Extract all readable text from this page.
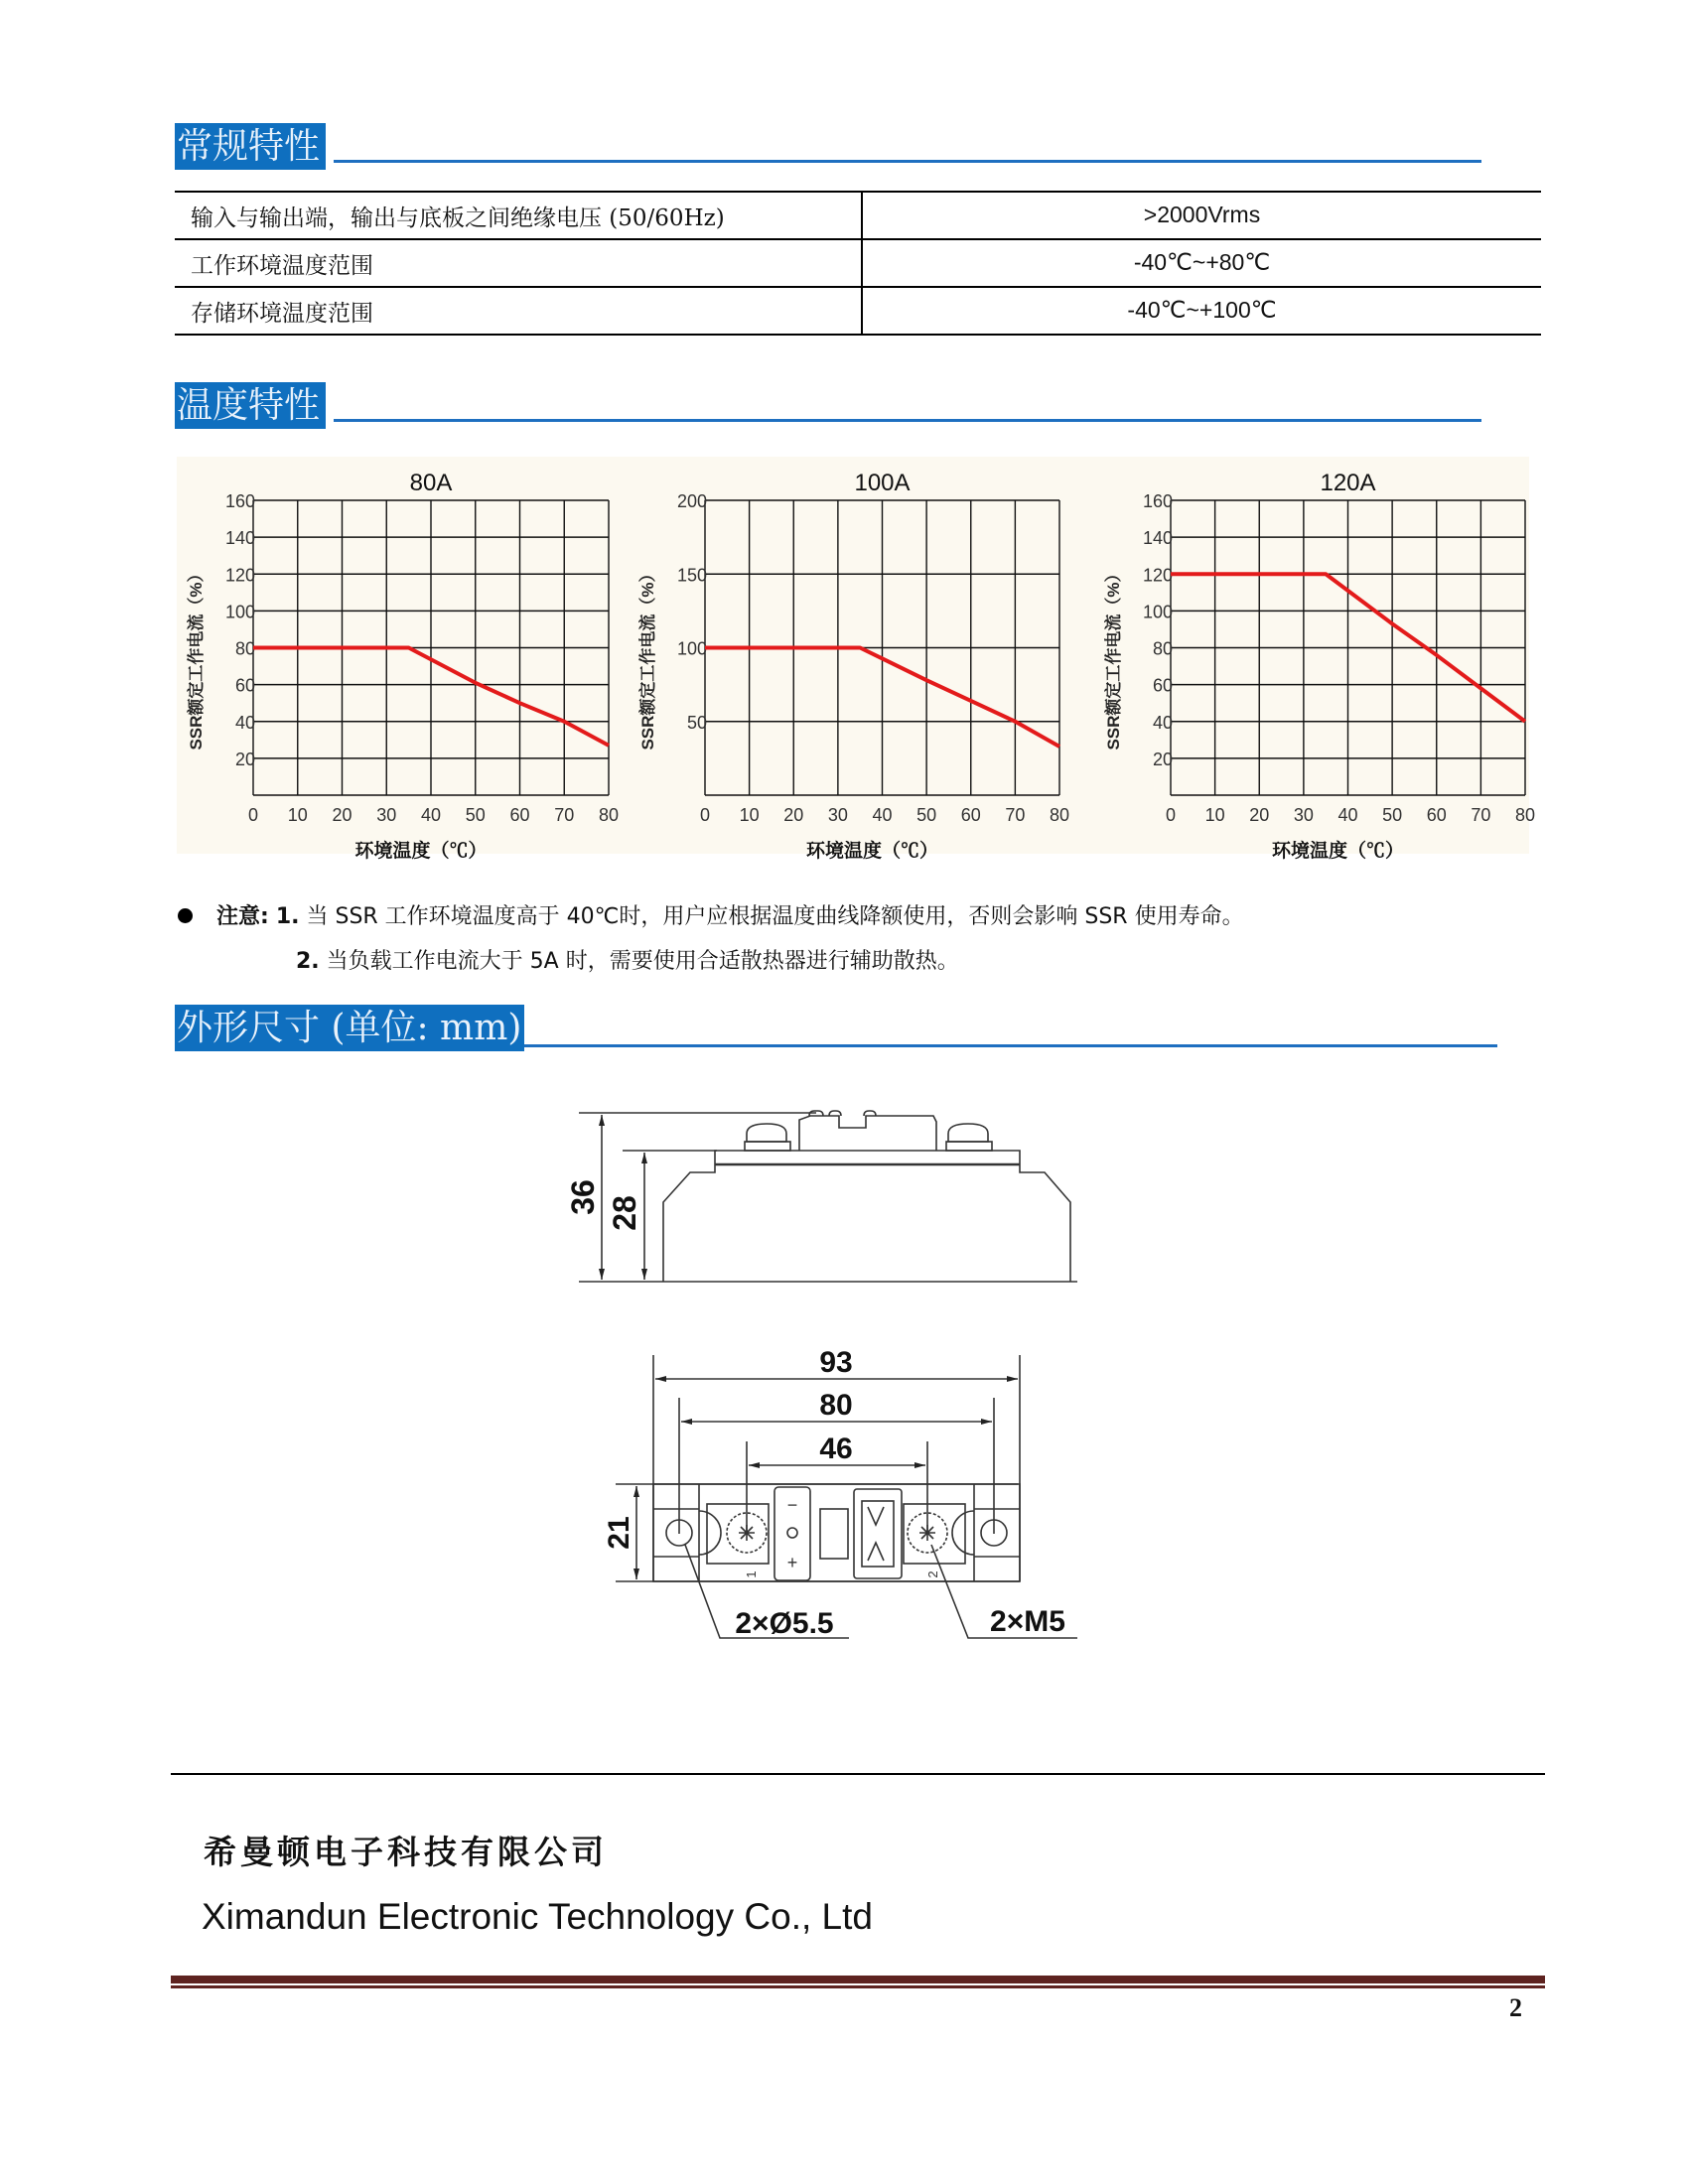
常规特性
输入与输出端，输出与底板之间绝缘电压 (50/60Hz)	>2000Vrms
工作环境温度范围	-40℃~+80℃
存储环境温度范围	-40℃~+100℃
温度特性
0 10 20 30 40 50 60 70 80
20
40
60
80
100
120
140
160
80A
环境温度（℃）
SSR额定工作电流（%）
0 10 20 30 40 50 60 70 80
50
100
150
200
100A
环境温度（℃）
SSR额定工作电流（%）
0 10 20 30 40 50 60 70 80
20
40
60
80
100
120
140
160
120A
环境温度（℃）
SSR额定工作电流（%）
注意: 1. 当 SSR 工作环境温度高于 40℃时，用户应根据温度曲线降额使用，否则会影响 SSR 使用寿命。
2. 当负载工作电流大于 5A 时，需要使用合适散热器进行辅助散热。
外形尺寸 (单位: mm)
36 28
−
+
1	2
93
80
46
21
2×Ø5.5	2×M5
希曼顿电子科技有限公司
Ximandun Electronic Technology Co., Ltd
2
